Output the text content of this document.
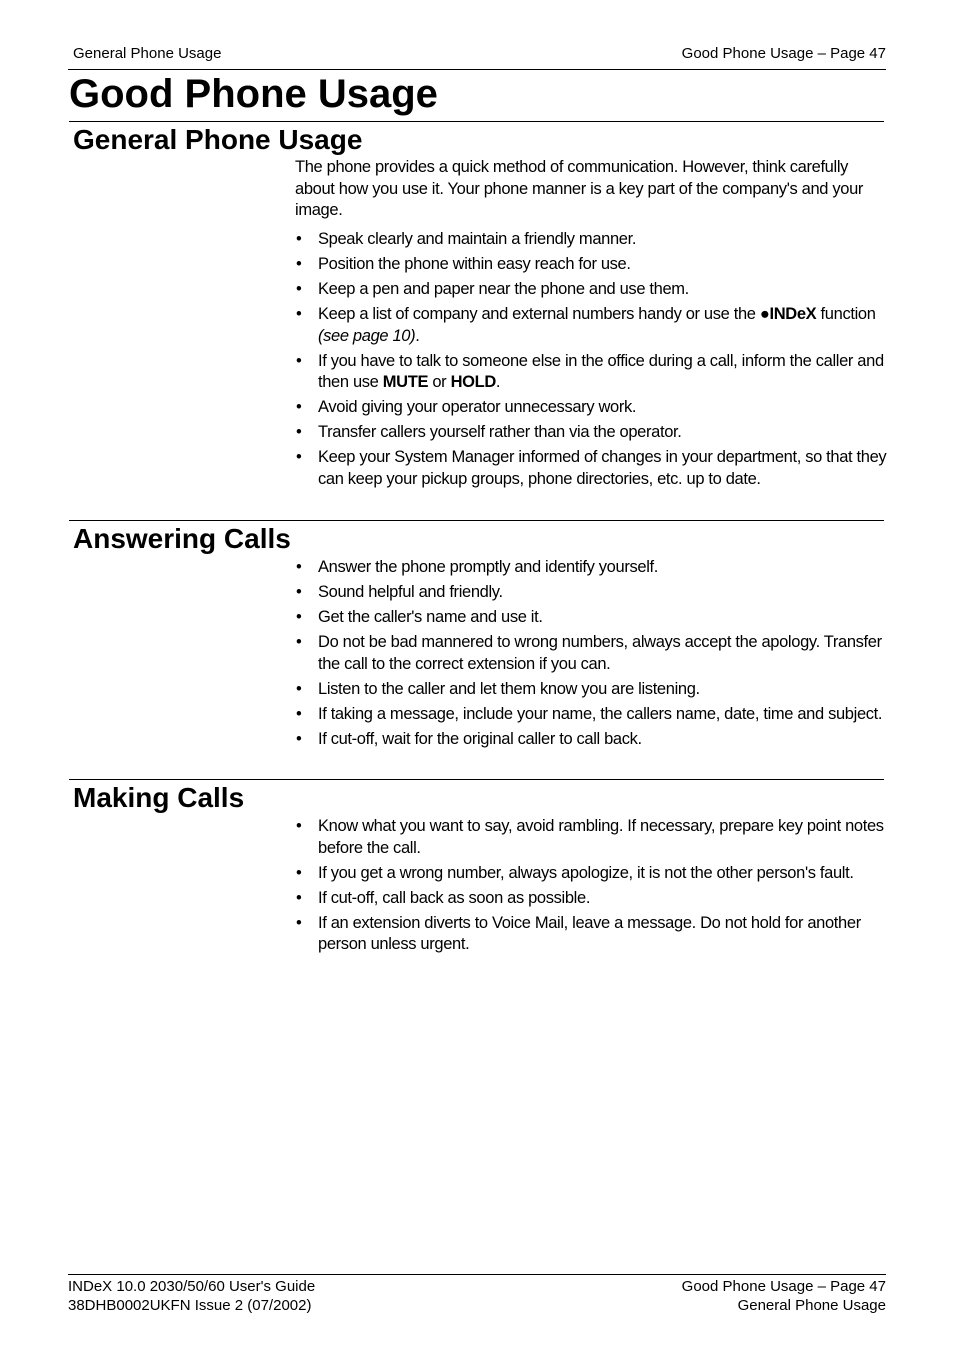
General Phone Usage	Good Phone Usage – Page 47
Good Phone Usage
General Phone Usage

The phone provides a quick method of communication. However, think carefully about how you use it. Your phone manner is a key part of the company's and your image.

• Speak clearly and maintain a friendly manner.
• Position the phone within easy reach for use.
• Keep a pen and paper near the phone and use them.
• Keep a list of company and external numbers handy or use the ●INDeX function (see page 10).
• If you have to talk to someone else in the office during a call, inform the caller and then use MUTE or HOLD.
• Avoid giving your operator unnecessary work.
• Transfer callers yourself rather than via the operator.
• Keep your System Manager informed of changes in your department, so that they can keep your pickup groups, phone directories, etc. up to date.
Answering Calls
• Answer the phone promptly and identify yourself.
• Sound helpful and friendly.
• Get the caller's name and use it.
• Do not be bad mannered to wrong numbers, always accept the apology. Transfer the call to the correct extension if you can.
• Listen to the caller and let them know you are listening.
• If taking a message, include your name, the callers name, date, time and subject.
• If cut-off, wait for the original caller to call back.
Making Calls
• Know what you want to say, avoid rambling. If necessary, prepare key point notes before the call.
• If you get a wrong number, always apologize, it is not the other person's fault.
• If cut-off, call back as soon as possible.
• If an extension diverts to Voice Mail, leave a message. Do not hold for another person unless urgent.
INDeX 10.0 2030/50/60 User's Guide
38DHB0002UKFN Issue 2 (07/2002)
Good Phone Usage – Page 47
General Phone Usage
